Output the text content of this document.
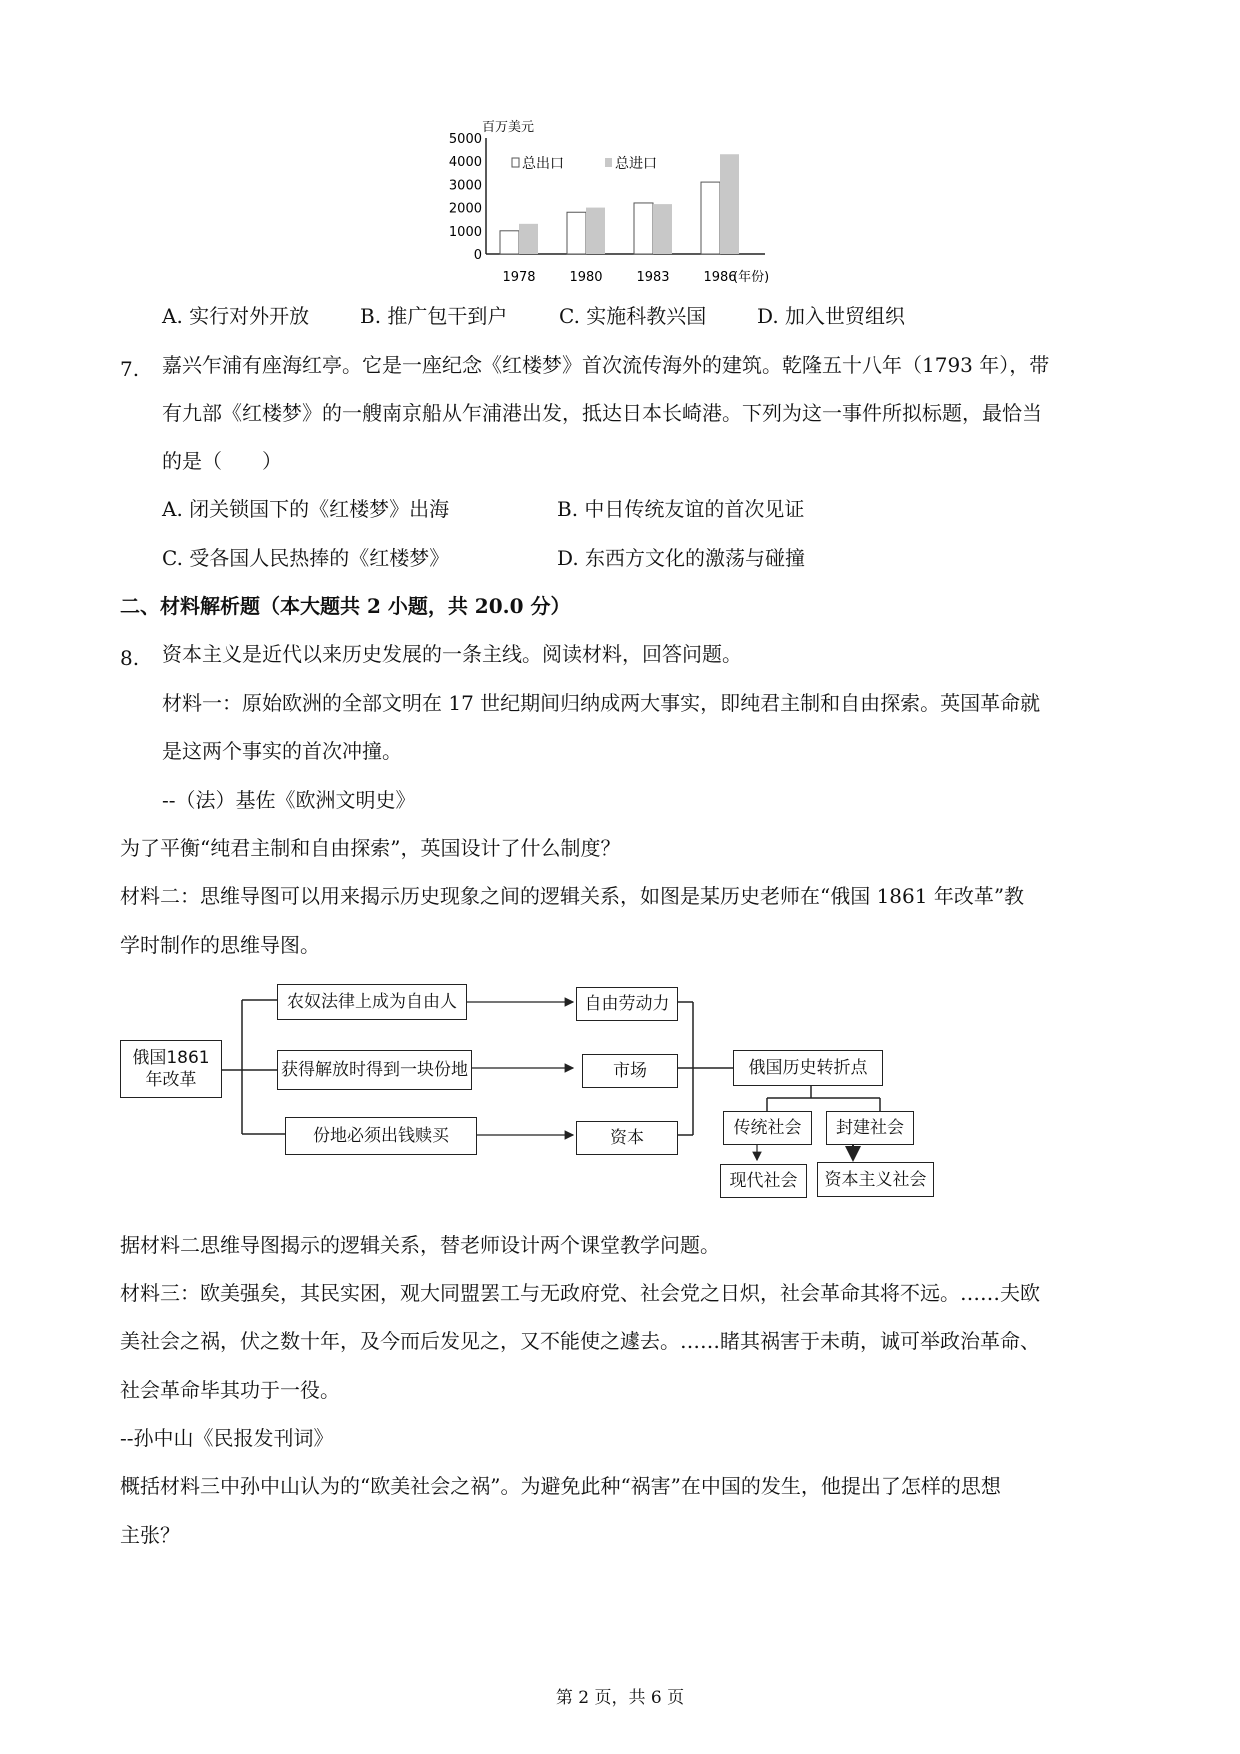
百万美元
5000
4000
3000
2000
1000
0
总出口	总进口
1978	1980	1983	1986
(年份)
A. 实行对外开放	B. 推广包干到户	C. 实施科教兴国	D. 加入世贸组织
7. 嘉兴乍浦有座海红亭。它是一座纪念《红楼梦》首次流传海外的建筑。乾隆五十八年（1793 年），带
有九部《红楼梦》的一艘南京船从乍浦港出发，抵达日本长崎港。下列为这一事件所拟标题，最恰当
的是（　　）
A. 闭关锁国下的《红楼梦》出海	B. 中日传统友谊的首次见证
C. 受各国人民热捧的《红楼梦》	D. 东西方文化的激荡与碰撞
二、材料解析题（本大题共 2 小题，共 20.0 分）
8. 资本主义是近代以来历史发展的一条主线。阅读材料，回答问题。
材料一：原始欧洲的全部文明在 17 世纪期间归纳成两大事实，即纯君主制和自由探索。英国革命就
是这两个事实的首次冲撞。
--（法）基佐《欧洲文明史》
为了平衡“纯君主制和自由探索”，英国设计了什么制度？
材料二：思维导图可以用来揭示历史现象之间的逻辑关系，如图是某历史老师在“俄国 1861 年改革”教
学时制作的思维导图。
俄国1861
年改革
农奴法律上成为自由人
获得解放时得到一块份地
份地必须出钱赎买
自由劳动力
市场
资本
俄国历史转折点
传统社会	封建社会
现代社会	资本主义社会
据材料二思维导图揭示的逻辑关系，替老师设计两个课堂教学问题。
材料三：欧美强矣，其民实困，观大同盟罢工与无政府党、社会党之日炽，社会革命其将不远。……夫欧
美社会之祸，伏之数十年，及今而后发见之，又不能使之遽去。……睹其祸害于未萌，诚可举政治革命、
社会革命毕其功于一役。
--孙中山《民报发刊词》
概括材料三中孙中山认为的“欧美社会之祸”。为避免此种“祸害”在中国的发生，他提出了怎样的思想
主张？
第 2 页，共 6 页
